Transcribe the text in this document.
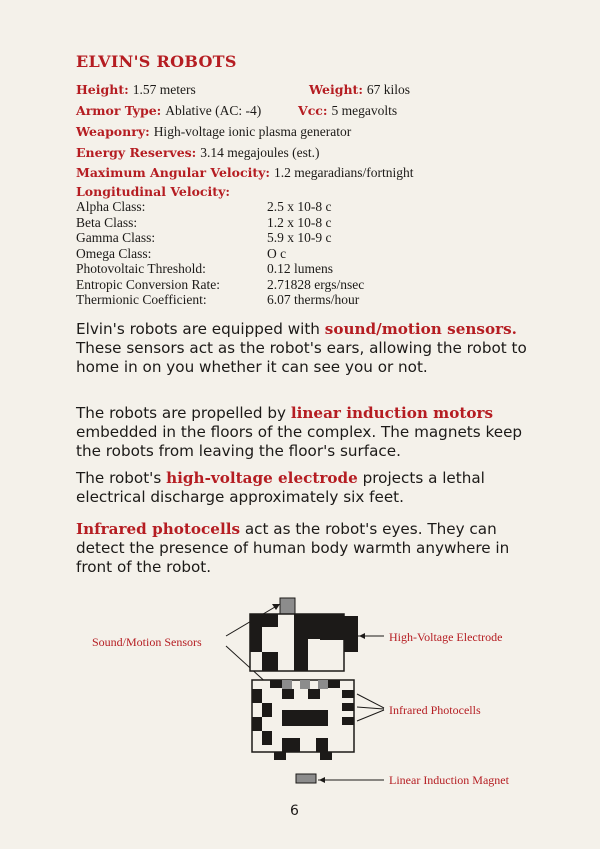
ELVIN'S ROBOTS
Height: 1.57 meters	Weight: 67 kilos
Armor Type: Ablative (AC: -4)	Vcc: 5 megavolts
Weaponry: High-voltage ionic plasma generator
Energy Reserves: 3.14 megajoules (est.)
Maximum Angular Velocity: 1.2 megaradians/fortnight
Longitudinal Velocity:
Alpha Class:	2.5 x 10-8 c
Beta Class:	1.2 x 10-8 c
Gamma Class:	5.9 x 10-9 c
Omega Class:	O c
Photovoltaic Threshold:	0.12 lumens
Entropic Conversion Rate:	2.71828 ergs/nsec
Thermionic Coefficient:	6.07 therms/hour
Elvin's robots are equipped with sound/motion sensors. These sensors act as the robot's ears, allowing the robot to home in on you whether it can see you or not.
The robots are propelled by linear induction motors embedded in the floors of the complex. The magnets keep the robots from leaving the floor's surface.
The robot's high-voltage electrode projects a lethal electrical discharge approximately six feet.
Infrared photocells act as the robot's eyes. They can detect the presence of human body warmth anywhere in front of the robot.
Sound/Motion Sensors	High-Voltage Electrode
Infrared Photocells
Linear Induction Magnet
6
